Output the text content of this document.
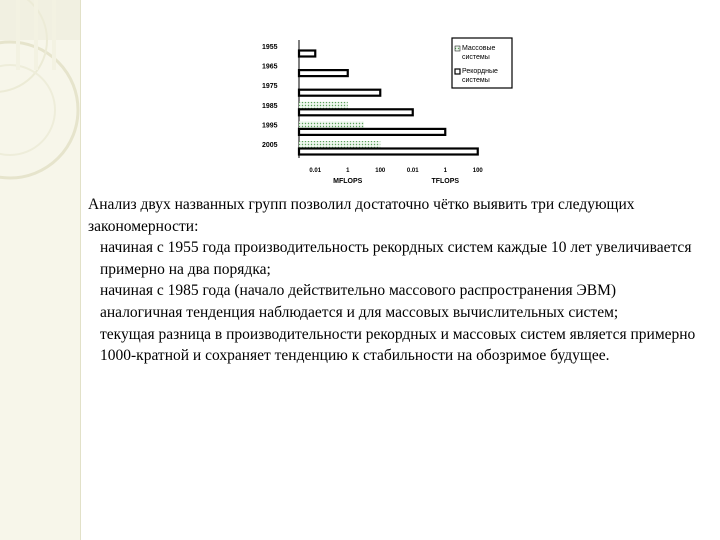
1955
1965
1975
1985
1995
2005
0.01	1	100	0.01	1	100
MFLOPS	TFLOPS
Массовые системы
Рекордные системы

Анализ двух названных групп позволил достаточно чётко выявить три следующих закономерности:

начиная с 1955 года производительность рекордных систем каждые 10 лет увеличивается примерно на два порядка;

начиная с 1985 года (начало действительно массового распространения ЭВМ) аналогичная тенденция наблюдается и для массовых вычислительных систем;

текущая разница в производительности рекордных и массовых систем является примерно 1000-кратной и сохраняет тенденцию к стабильности на обозримое будущее.
